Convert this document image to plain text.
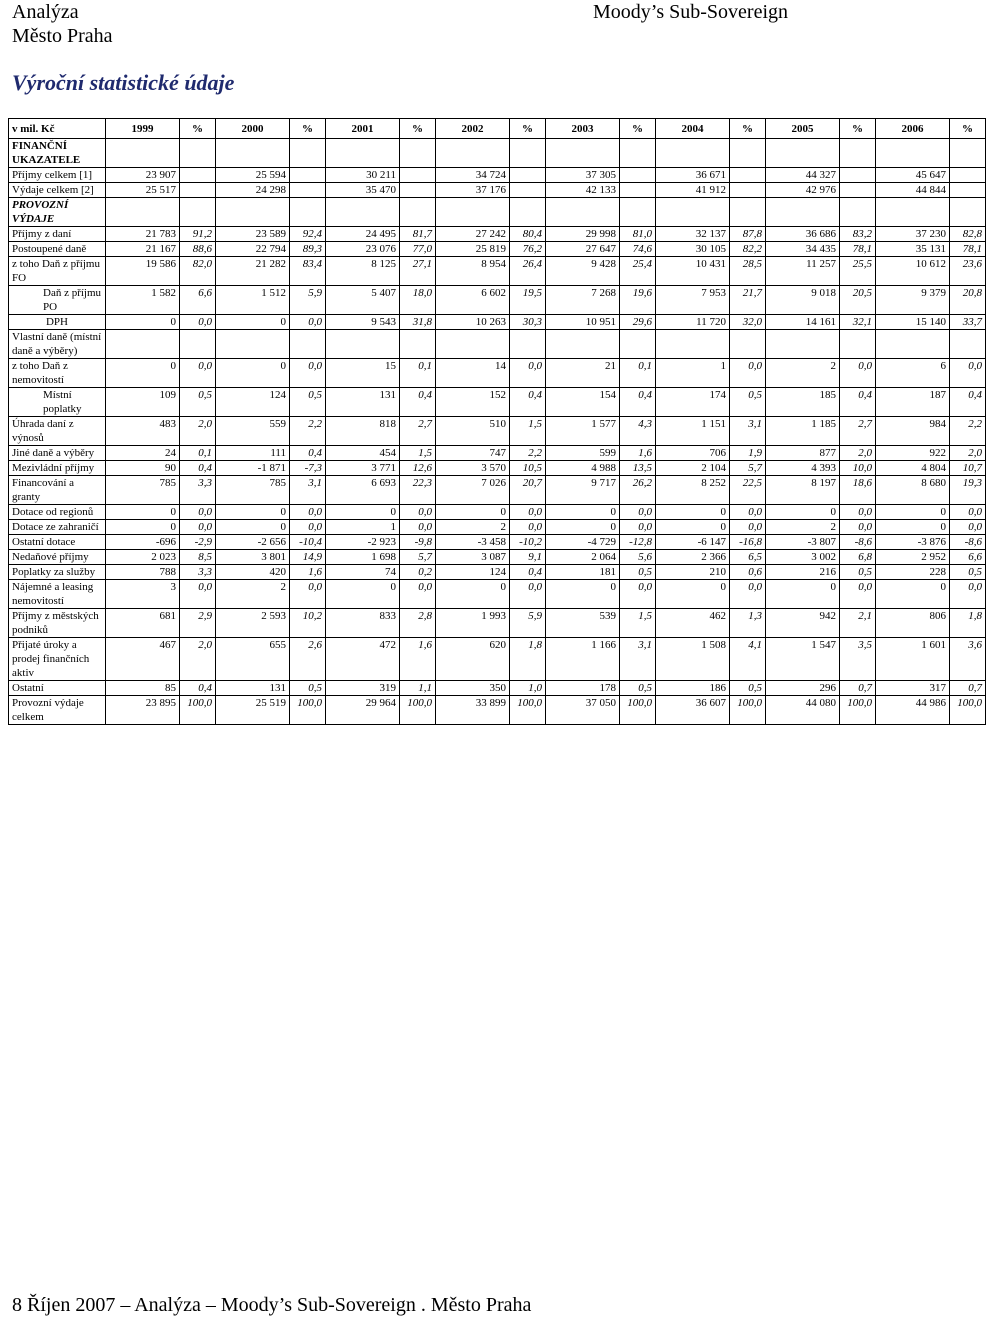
Analýza
Město Praha
Moody’s Sub-Sovereign
Výroční statistické údaje
v mil. Kč	1999	%	2000	%	2001	%	2002	%	2003	%	2004	%	2005	%	2006	%
FINANČNÍ UKAZATELE																
Příjmy celkem [1]	23 907		25 594		30 211		34 724		37 305		36 671		44 327		45 647	
Výdaje celkem [2]	25 517		24 298		35 470		37 176		42 133		41 912		42 976		44 844	
PROVOZNÍ VÝDAJE																
Příjmy z daní	21 783	91,2	23 589	92,4	24 495	81,7	27 242	80,4	29 998	81,0	32 137	87,8	36 686	83,2	37 230	82,8
Postoupené daně	21 167	88,6	22 794	89,3	23 076	77,0	25 819	76,2	27 647	74,6	30 105	82,2	34 435	78,1	35 131	78,1
z toho Daň z příjmu FO	19 586	82,0	21 282	83,4	8 125	27,1	8 954	26,4	9 428	25,4	10 431	28,5	11 257	25,5	10 612	23,6
Daň z příjmu PO	1 582	6,6	1 512	5,9	5 407	18,0	6 602	19,5	7 268	19,6	7 953	21,7	9 018	20,5	9 379	20,8
DPH	0	0,0	0	0,0	9 543	31,8	10 263	30,3	10 951	29,6	11 720	32,0	14 161	32,1	15 140	33,7
Vlastní daně (místní daně a výběry)																
z toho Daň z nemovitostí	0	0,0	0	0,0	15	0,1	14	0,0	21	0,1	1	0,0	2	0,0	6	0,0
Místní poplatky	109	0,5	124	0,5	131	0,4	152	0,4	154	0,4	174	0,5	185	0,4	187	0,4
Úhrada daní z výnosů	483	2,0	559	2,2	818	2,7	510	1,5	1 577	4,3	1 151	3,1	1 185	2,7	984	2,2
Jiné daně a výběry	24	0,1	111	0,4	454	1,5	747	2,2	599	1,6	706	1,9	877	2,0	922	2,0
Mezivládní příjmy	90	0,4	-1 871	-7,3	3 771	12,6	3 570	10,5	4 988	13,5	2 104	5,7	4 393	10,0	4 804	10,7
Financování a granty	785	3,3	785	3,1	6 693	22,3	7 026	20,7	9 717	26,2	8 252	22,5	8 197	18,6	8 680	19,3
Dotace od regionů	0	0,0	0	0,0	0	0,0	0	0,0	0	0,0	0	0,0	0	0,0	0	0,0
Dotace ze zahraničí	0	0,0	0	0,0	1	0,0	2	0,0	0	0,0	0	0,0	2	0,0	0	0,0
Ostatní dotace	-696	-2,9	-2 656	-10,4	-2 923	-9,8	-3 458	-10,2	-4 729	-12,8	-6 147	-16,8	-3 807	-8,6	-3 876	-8,6
Nedaňové příjmy	2 023	8,5	3 801	14,9	1 698	5,7	3 087	9,1	2 064	5,6	2 366	6,5	3 002	6,8	2 952	6,6
Poplatky za služby	788	3,3	420	1,6	74	0,2	124	0,4	181	0,5	210	0,6	216	0,5	228	0,5
Nájemné a leasing nemovitostí	3	0,0	2	0,0	0	0,0	0	0,0	0	0,0	0	0,0	0	0,0	0	0,0
Příjmy z městských podniků	681	2,9	2 593	10,2	833	2,8	1 993	5,9	539	1,5	462	1,3	942	2,1	806	1,8
Přijaté úroky a prodej finančních aktiv	467	2,0	655	2,6	472	1,6	620	1,8	1 166	3,1	1 508	4,1	1 547	3,5	1 601	3,6
Ostatní	85	0,4	131	0,5	319	1,1	350	1,0	178	0,5	186	0,5	296	0,7	317	0,7
Provozní výdaje celkem	23 895	100,0	25 519	100,0	29 964	100,0	33 899	100,0	37 050	100,0	36 607	100,0	44 080	100,0	44 986	100,0
8 Říjen 2007 – Analýza – Moody’s Sub-Sovereign . Město Praha
